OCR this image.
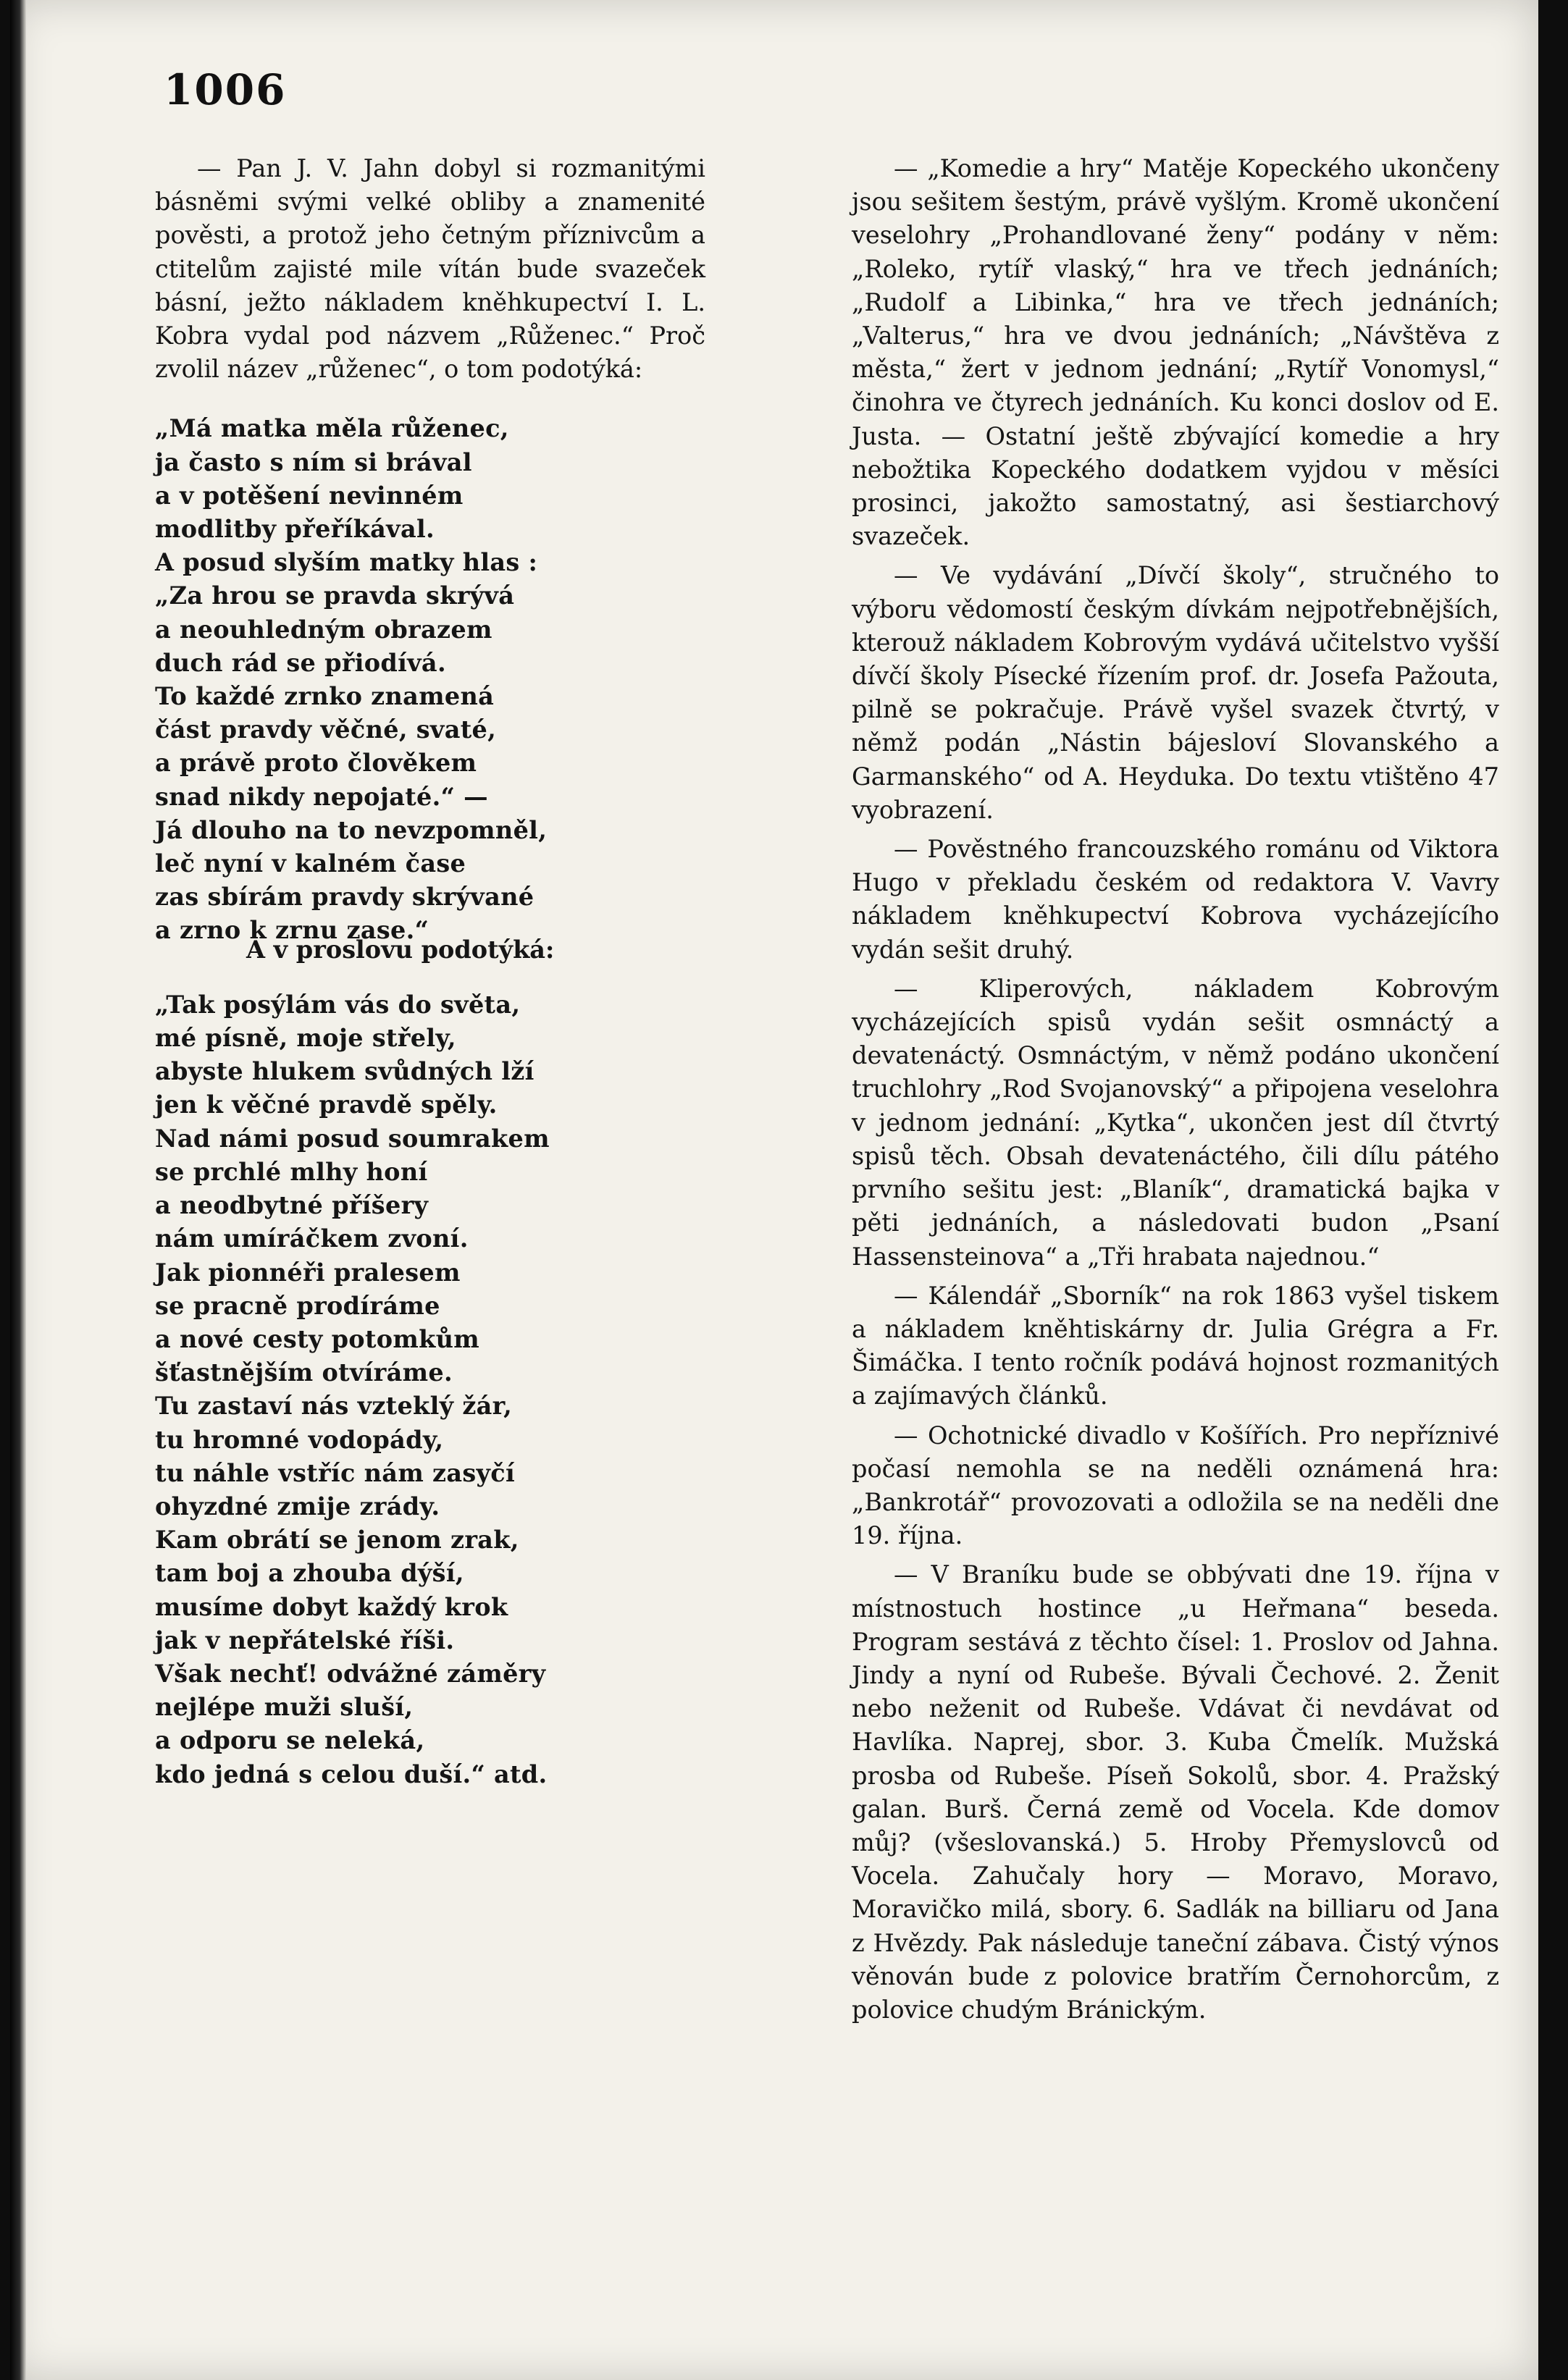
1006

— Pan J. V. Jahn dobyl si rozmanitými básněmi svými velké obliby a znamenité pověsti, a protož jeho četným příznivcům a ctitelům zajisté mile vítán bude svazeček básní, ježto nákladem kněhkupectví I. L. Kobra vydal pod názvem „Růženec.“ Proč zvolil název „růženec“, o tom podotýká:

„Má matka měla růženec,
ja často s ním si brával
a v potěšení nevinném
modlitby přeříkával.

A posud slyším matky hlas :
„Za hrou se pravda skrývá
a neouhledným obrazem
duch rád se přiodívá.

To každé zrnko znamená
část pravdy věčné, svaté,
a právě proto člověkem
snad nikdy nepojaté.“ —

Já dlouho na to nevzpomněl,
leč nyní v kalném čase
zas sbírám pravdy skrývané
a zrno k zrnu zase.“

A v proslovu podotýká:

„Tak posýlám vás do světa,
mé písně, moje střely,
abyste hlukem svůdných lží
jen k věčné pravdě spěly.

Nad námi posud soumrakem
se prchlé mlhy honí
a neodbytné příšery
nám umíráčkem zvoní.

Jak pionnéři pralesem
se pracně prodíráme
a nové cesty potomkům
šťastnějším otvíráme.

Tu zastaví nás vzteklý žár,
tu hromné vodopády,
tu náhle vstříc nám zasyčí
ohyzdné zmije zrády.

Kam obrátí se jenom zrak,
tam boj a zhouba dýší,
musíme dobyt každý krok
jak v nepřátelské říši.

Však nechť! odvážné záměry
nejlépe muži sluší,
a odporu se neleká,
kdo jedná s celou duší.“ atd.

— „Komedie a hry“ Matěje Kopeckého ukončeny jsou sešitem šestým, právě vyšlým. Kromě ukončení veselohry „Prohandlované ženy“ podány v něm: „Roleko, rytíř vlaský,“ hra ve třech jednáních; „Rudolf a Libinka,“ hra ve třech jednáních; „Valterus,“ hra ve dvou jednáních; „Návštěva z města,“ žert v jednom jednání; „Rytíř Vonomysl,“ činohra ve čtyrech jednáních. Ku konci doslov od E. Justa. — Ostatní ještě zbývající komedie a hry nebožtika Kopeckého dodatkem vyjdou v měsíci prosinci, jakožto samostatný, asi šestiarchový svazeček.

— Ve vydávání „Dívčí školy“, stručného to výboru vědomostí českým dívkám nejpotřebnějších, kterouž nákladem Kobrovým vydává učitelstvo vyšší dívčí školy Písecké řízením prof. dr. Josefa Pažouta, pilně se pokračuje. Právě vyšel svazek čtvrtý, v němž podán „Nástin bájesloví Slovanského a Garmanského“ od A. Heyduka. Do textu vtištěno 47 vyobrazení.

— Pověstného francouzského románu od Viktora Hugo v překladu českém od redaktora V. Vavry nákladem kněhkupectví Kobrova vycházejícího vydán sešit druhý.

— Kliperových, nákladem Kobrovým vycházejících spisů vydán sešit osmnáctý a devatenáctý. Osmnáctým, v němž podáno ukončení truchlohry „Rod Svojanovský“ a připojena veselohra v jednom jednání: „Kytka“, ukončen jest díl čtvrtý spisů těch. Obsah devatenáctého, čili dílu pátého prvního sešitu jest: „Blaník“, dramatická bajka v pěti jednáních, a následovati budon „Psaní Hassensteinova“ a „Tři hrabata najednou.“

— Kálendář „Sborník“ na rok 1863 vyšel tiskem a nákladem kněhtiskárny dr. Julia Grégra a Fr. Šimáčka. I tento ročník podává hojnost rozmanitých a zajímavých článků.

— Ochotnické divadlo v Košířích. Pro nepříznivé počasí nemohla se na neděli oznámená hra: „Bankrotář“ provozovati a odložila se na neděli dne 19. října.

— V Braníku bude se obbývati dne 19. října v místnostuch hostince „u Heřmana“ beseda. Program sestává z těchto čísel: 1. Proslov od Jahna. Jindy a nyní od Rubeše. Bývali Čechové. 2. Ženit nebo neženit od Rubeše. Vdávat či nevdávat od Havlíka. Naprej, sbor. 3. Kuba Čmelík. Mužská prosba od Rubeše. Píseň Sokolů, sbor. 4. Pražský galan. Burš. Černá země od Vocela. Kde domov můj? (všeslovanská.) 5. Hroby Přemyslovců od Vocela. Zahučaly hory — Moravo, Moravo, Moravičko milá, sbory. 6. Sadlák na billiaru od Jana z Hvězdy. Pak následuje taneční zábava. Čistý výnos věnován bude z polovice bratřím Černohorcům, z polovice chudým Bránickým.
